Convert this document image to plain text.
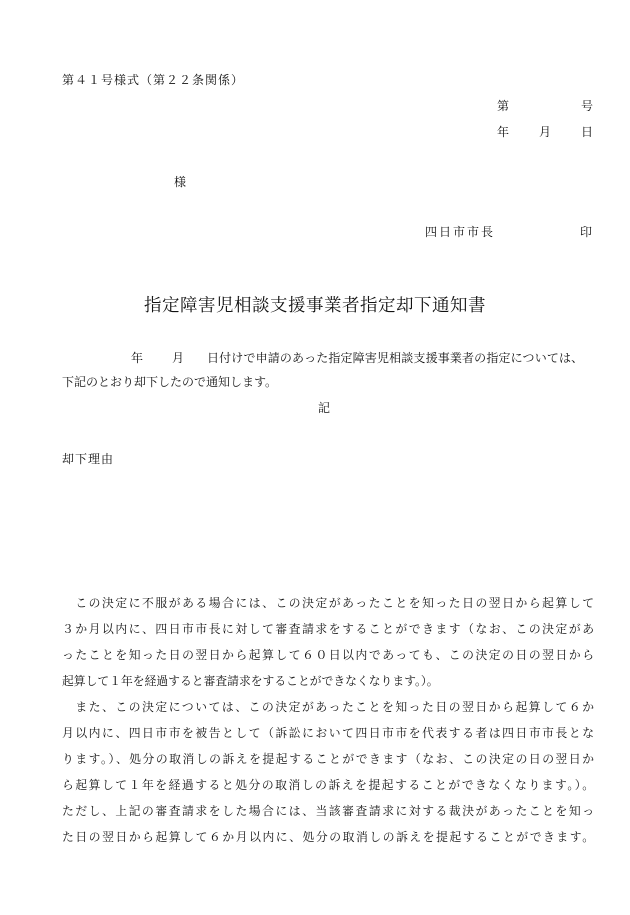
第４１号様式（第２２条関係）
第	号
年 月 日
様
四日市市長	印
指定障害児相談支援事業者指定却下通知書
年 月 日付けで申請のあった指定障害児相談支援事業者の指定については、
下記のとおり却下したので通知します。
記
却下理由
　この決定に不服がある場合には、この決定があったことを知った日の翌日から起算して
３か月以内に、四日市市長に対して審査請求をすることができます（なお、この決定があ
ったことを知った日の翌日から起算して６０日以内であっても、この決定の日の翌日から
起算して１年を経過すると審査請求をすることができなくなります。）。
　また、この決定については、この決定があったことを知った日の翌日から起算して６か
月以内に、四日市市を被告として（訴訟において四日市市を代表する者は四日市市長とな
ります。）、処分の取消しの訴えを提起することができます（なお、この決定の日の翌日か
ら起算して１年を経過すると処分の取消しの訴えを提起することができなくなります。）。
ただし、上記の審査請求をした場合には、当該審査請求に対する裁決があったことを知っ
た日の翌日から起算して６か月以内に、処分の取消しの訴えを提起することができます。
